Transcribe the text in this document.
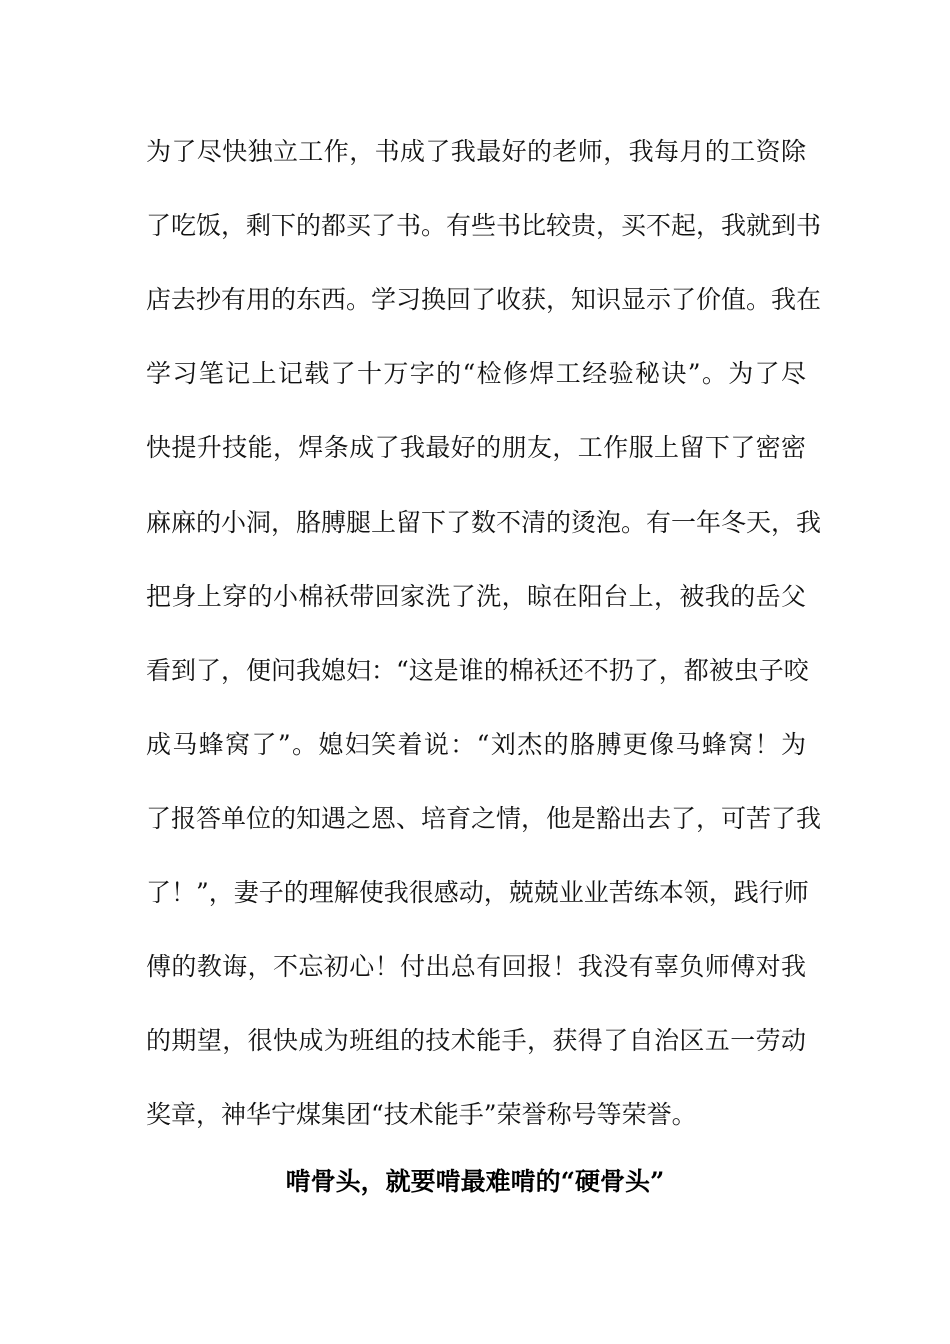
为了尽快独立工作，书成了我最好的老师，我每月的工资除
了吃饭，剩下的都买了书。有些书比较贵，买不起，我就到书
店去抄有用的东西。学习换回了收获，知识显示了价值。我在
学习笔记上记载了十万字的“检修焊工经验秘诀”。为了尽
快提升技能，焊条成了我最好的朋友，工作服上留下了密密
麻麻的小洞，胳膊腿上留下了数不清的烫泡。有一年冬天，我
把身上穿的小棉袄带回家洗了洗，晾在阳台上，被我的岳父
看到了，便问我媳妇：“这是谁的棉袄还不扔了，都被虫子咬
成马蜂窝了”。媳妇笑着说：“刘杰的胳膊更像马蜂窝！为
了报答单位的知遇之恩、培育之情，他是豁出去了，可苦了我
了！”，妻子的理解使我很感动，兢兢业业苦练本领，践行师
傅的教诲，不忘初心！付出总有回报！我没有辜负师傅对我
的期望，很快成为班组的技术能手，获得了自治区五一劳动
奖章，神华宁煤集团“技术能手”荣誉称号等荣誉。
啃骨头，就要啃最难啃的“硬骨头”
